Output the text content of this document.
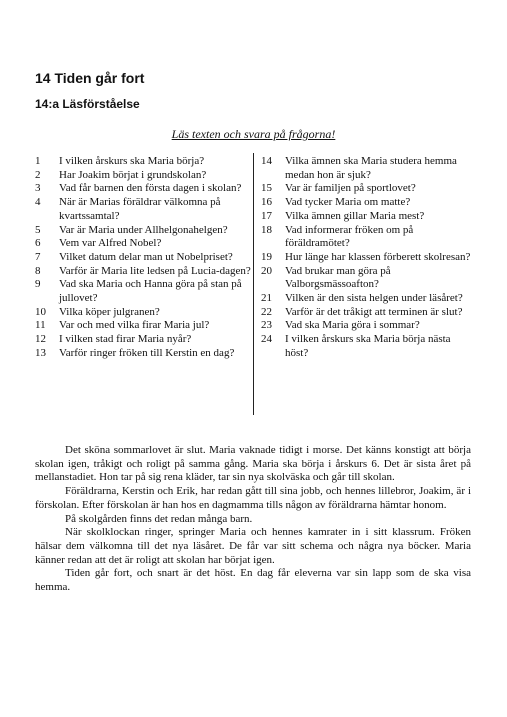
14 Tiden går fort
14:a Läsförståelse
Läs texten och svara på frågorna!
1	I vilken årskurs ska Maria börja?
2	Har Joakim börjat i grundskolan?
3	Vad får barnen den första dagen i skolan?
4	När är Marias föräldrar välkomna på kvartssamtal?
5	Var är Maria under Allhelgonahelgen?
6	Vem var Alfred Nobel?
7	Vilket datum delar man ut Nobelpriset?
8	Varför är Maria lite ledsen på Lucia-dagen?
9	Vad ska Maria och Hanna göra på stan på jullovet?
10	Vilka köper julgranen?
11	Var och med vilka firar Maria jul?
12	I vilken stad firar Maria nyår?
13	Varför ringer fröken till Kerstin en dag?
14	Vilka ämnen ska Maria studera hemma medan hon är sjuk?
15	Var är familjen på sportlovet?
16	Vad tycker Maria om matte?
17	Vilka ämnen gillar Maria mest?
18	Vad informerar fröken om på föräldramötet?
19	Hur länge har klassen förberett skolresan?
20	Vad brukar man göra på Valborgsmässoafton?
21	Vilken är den sista helgen under läsåret?
22	Varför är det tråkigt att terminen är slut?
23	Vad ska Maria göra i sommar?
24	I vilken årskurs ska Maria börja nästa höst?

Det sköna sommarlovet är slut. Maria vaknade tidigt i morse. Det känns konstigt att börja skolan igen, tråkigt och roligt på samma gång. Maria ska börja i årskurs 6. Det är sista året på mellanstadiet. Hon tar på sig rena kläder, tar sin nya skolväska och går till skolan.

Föräldrarna, Kerstin och Erik, har redan gått till sina jobb, och hennes lillebror, Joakim, är i förskolan. Efter förskolan är han hos en dagmamma tills någon av föräldrarna hämtar honom.

På skolgården finns det redan många barn.

När skolklockan ringer, springer Maria och hennes kamrater in i sitt klassrum. Fröken hälsar dem välkomna till det nya läsåret. De får var sitt schema och några nya böcker. Maria känner redan att det är roligt att skolan har börjat igen.

Tiden går fort, och snart är det höst. En dag får eleverna var sin lapp som de ska visa hemma.
